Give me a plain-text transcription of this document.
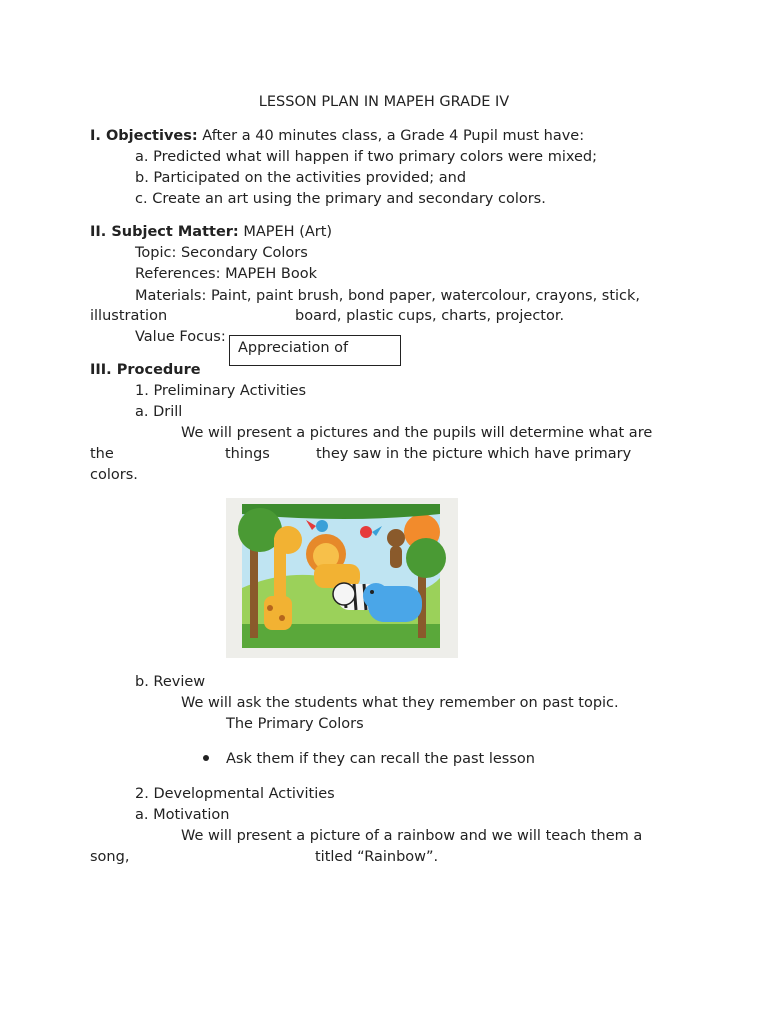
LESSON PLAN IN MAPEH GRADE IV
I. Objectives: After a 40 minutes class, a Grade 4 Pupil must have:
a. Predicted what will happen if two primary colors were mixed;
b. Participated on the activities provided; and
c. Create an art using the primary and secondary colors.
II. Subject Matter: MAPEH (Art)
Topic: Secondary Colors
References: MAPEH Book
Materials: Paint, paint brush, bond paper, watercolour, crayons, stick,
illustration	board, plastic cups, charts, projector.
Value Focus:
Appreciation of
III. Procedure
1. Preliminary Activities
a. Drill
We will present a pictures and the pupils will determine what are
the	things	they saw in the picture which have primary
colors.
b. Review
We will ask the students what they remember on past topic.
The Primary Colors
Ask them if they can recall the past lesson
2. Developmental Activities
a. Motivation
We will present a picture of a rainbow and we will teach them a
song,	titled “Rainbow”.
